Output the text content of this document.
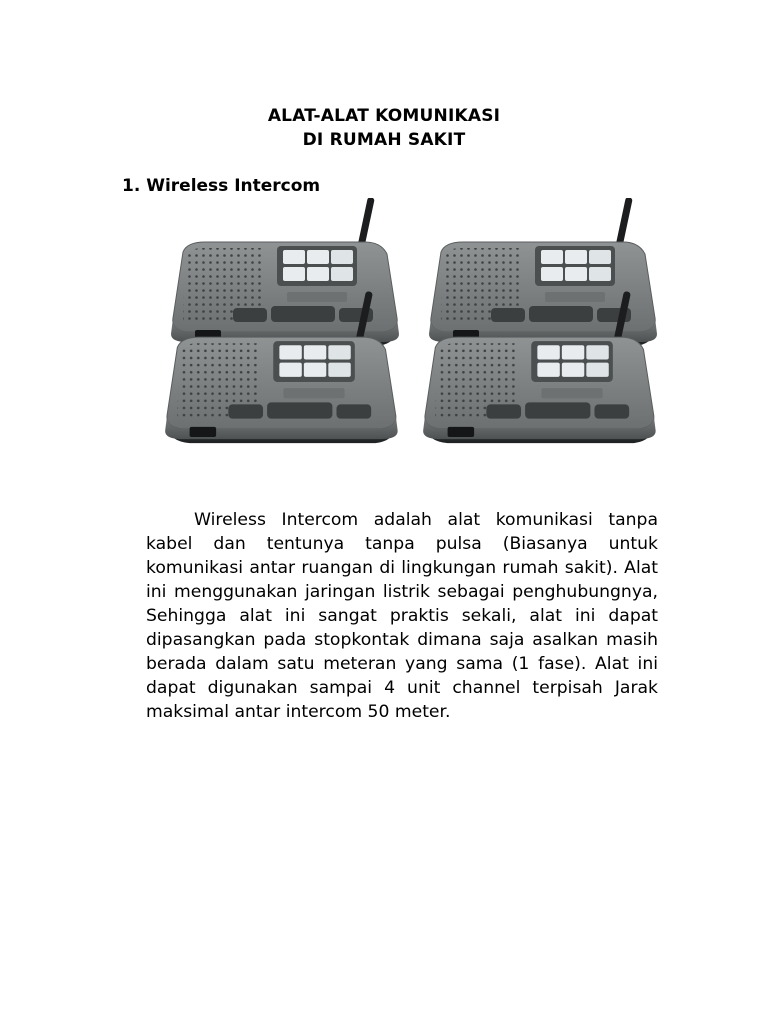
ALAT-ALAT KOMUNIKASI
DI RUMAH SAKIT
1. Wireless Intercom
Wireless Intercom adalah alat komunikasi tanpa kabel dan tentunya tanpa pulsa (Biasanya untuk komunikasi antar ruangan di lingkungan rumah sakit). Alat ini menggunakan jaringan listrik sebagai penghubungnya, Sehingga alat ini sangat praktis sekali, alat ini dapat dipasangkan pada stopkontak dimana saja asalkan masih berada dalam satu meteran yang sama (1 fase). Alat ini dapat digunakan sampai 4 unit channel terpisah Jarak maksimal antar intercom 50 meter.
